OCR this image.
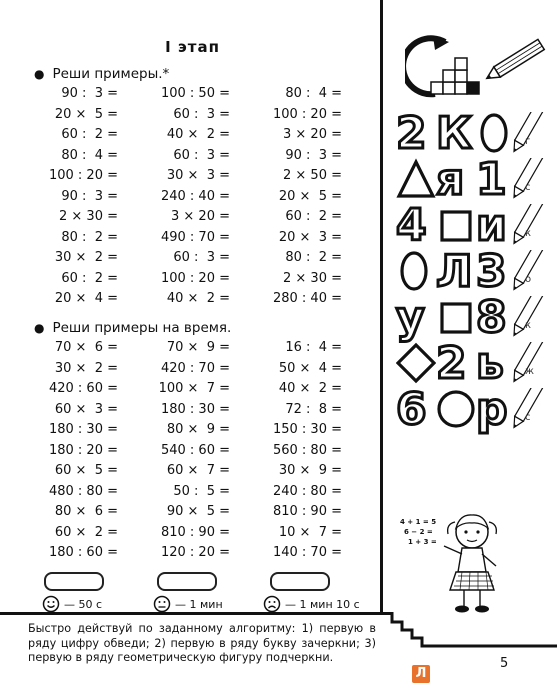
I этап
● Реши примеры.*
90 :  3 =	100 : 50 =	80 :  4 =
20 ×  5 =	60 :  3 =	100 : 20 =
60 :  2 =	40 ×  2 =	3 × 20 =
80 :  4 =	60 :  3 =	90 :  3 =
100 : 20 =	30 ×  3 =	2 × 50 =
90 :  3 =	240 : 40 =	20 ×  5 =
2 × 30 =	3 × 20 =	60 :  2 =
80 :  2 =	490 : 70 =	20 ×  3 =
30 ×  2 =	60 :  3 =	80 :  2 =
60 :  2 =	100 : 20 =	2 × 30 =
20 ×  4 =	40 ×  2 =	280 : 40 =
● Реши примеры на время.
70 ×  6 =	70 ×  9 =	16 :  4 =
30 ×  2 =	420 : 70 =	50 ×  4 =
420 : 60 =	100 ×  7 =	40 ×  2 =
60 ×  3 =	180 : 30 =	72 :  8 =
180 : 30 =	80 ×  9 =	150 : 30 =
180 : 20 =	540 : 60 =	560 : 80 =
60 ×  5 =	60 ×  7 =	30 ×  9 =
480 : 80 =	50 :  5 =	240 : 80 =
80 ×  6 =	90 ×  5 =	810 : 90 =
60 ×  2 =	810 : 90 =	10 ×  7 =
180 : 60 =	120 : 20 =	140 : 70 =
— 50 с	— 1 мин	— 1 мин 10 с
Быстро действуй по заданному алгоритму: 1) первую в ряду цифру обведи; 2) первую в ряду букву зачеркни; 3) первую в ряду геометрическую фигуру подчеркни.	5
Л
2 К	г
я 1 с
4 и к
Л 3 о
у 8 к
2 ь ж
6 р с
4 + 1 = 5
6 − 2 =
1 + 3 =
